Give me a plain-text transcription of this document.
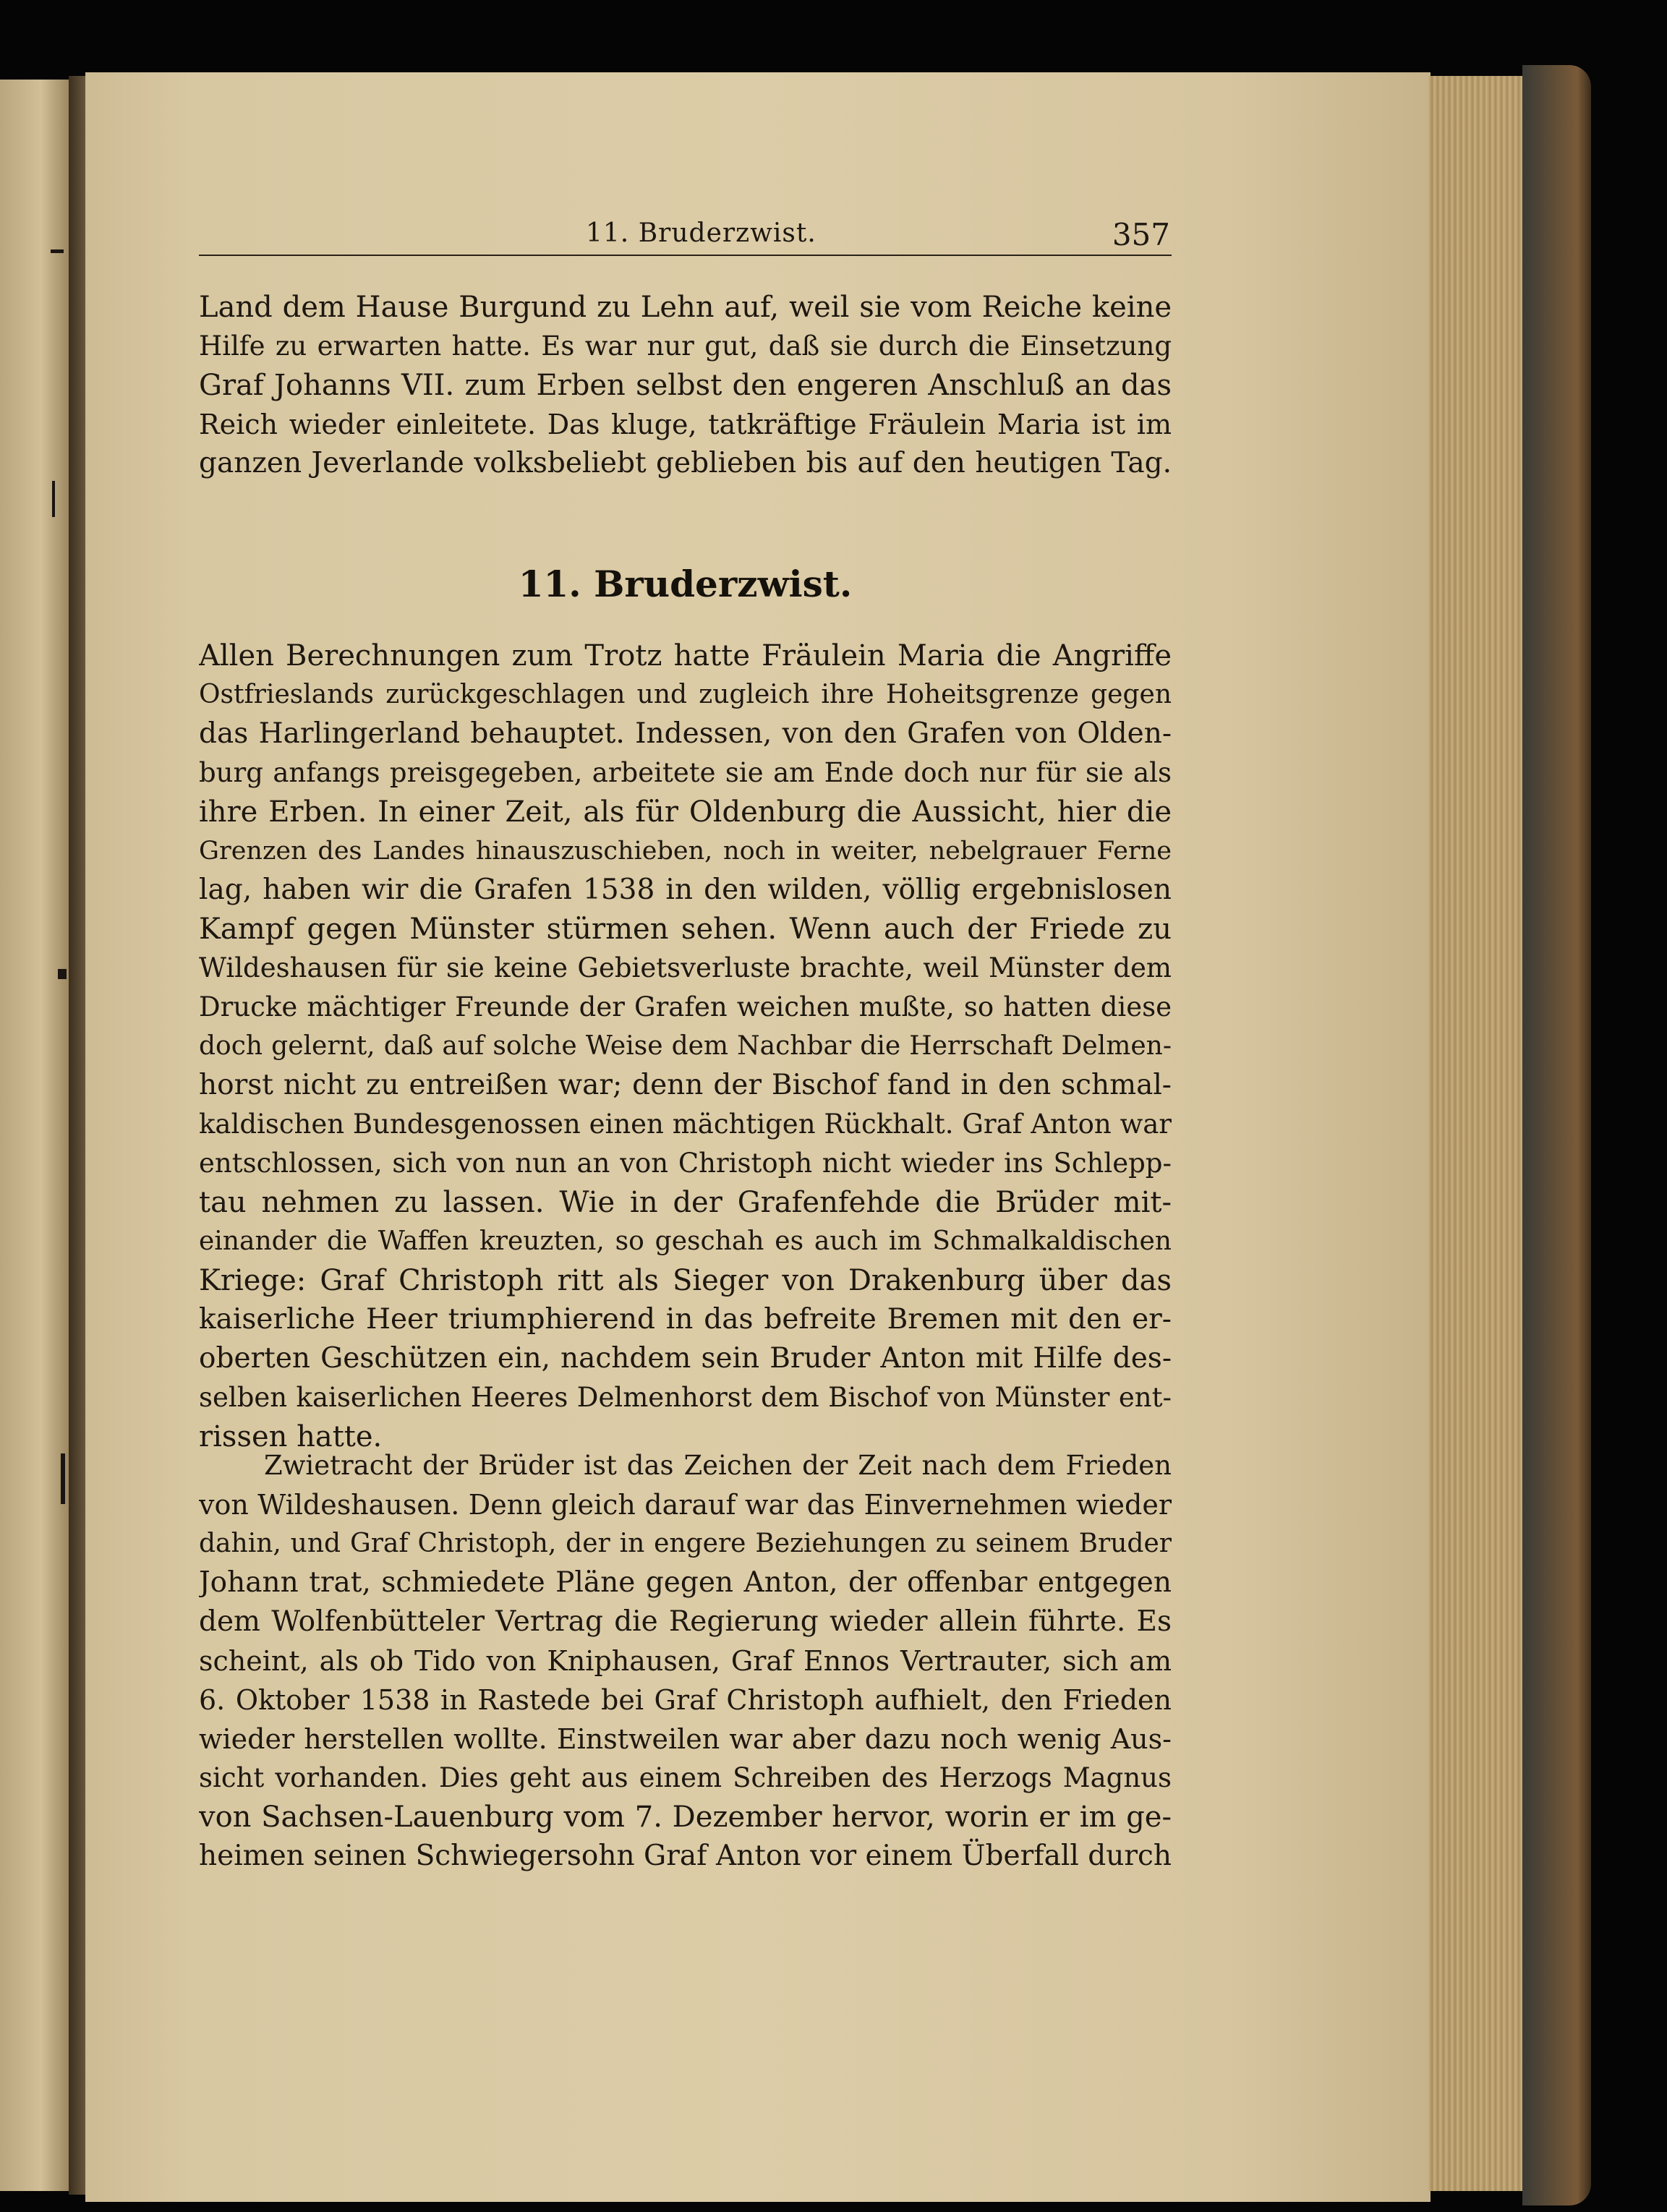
11. Bruderzwist.	357
Land dem Hause Burgund zu Lehn auf, weil sie vom Reiche keine
Hilfe zu erwarten hatte. Es war nur gut, daß sie durch die Einsetzung
Graf Johanns VII. zum Erben selbst den engeren Anschluß an das
Reich wieder einleitete. Das kluge, tatkräftige Fräulein Maria ist im
ganzen Jeverlande volksbeliebt geblieben bis auf den heutigen Tag.
11. Bruderzwist.
Allen Berechnungen zum Trotz hatte Fräulein Maria die Angriffe
Ostfrieslands zurückgeschlagen und zugleich ihre Hoheitsgrenze gegen
das Harlingerland behauptet. Indessen, von den Grafen von Olden-
burg anfangs preisgegeben, arbeitete sie am Ende doch nur für sie als
ihre Erben. In einer Zeit, als für Oldenburg die Aussicht, hier die
Grenzen des Landes hinauszuschieben, noch in weiter, nebelgrauer Ferne
lag, haben wir die Grafen 1538 in den wilden, völlig ergebnislosen
Kampf gegen Münster stürmen sehen. Wenn auch der Friede zu
Wildeshausen für sie keine Gebietsverluste brachte, weil Münster dem
Drucke mächtiger Freunde der Grafen weichen mußte, so hatten diese
doch gelernt, daß auf solche Weise dem Nachbar die Herrschaft Delmen-
horst nicht zu entreißen war; denn der Bischof fand in den schmal-
kaldischen Bundesgenossen einen mächtigen Rückhalt. Graf Anton war
entschlossen, sich von nun an von Christoph nicht wieder ins Schlepp-
tau nehmen zu lassen. Wie in der Grafenfehde die Brüder mit-
einander die Waffen kreuzten, so geschah es auch im Schmalkaldischen
Kriege: Graf Christoph ritt als Sieger von Drakenburg über das
kaiserliche Heer triumphierend in das befreite Bremen mit den er-
oberten Geschützen ein, nachdem sein Bruder Anton mit Hilfe des-
selben kaiserlichen Heeres Delmenhorst dem Bischof von Münster ent-
rissen hatte.
Zwietracht der Brüder ist das Zeichen der Zeit nach dem Frieden
von Wildeshausen. Denn gleich darauf war das Einvernehmen wieder
dahin, und Graf Christoph, der in engere Beziehungen zu seinem Bruder
Johann trat, schmiedete Pläne gegen Anton, der offenbar entgegen
dem Wolfenbütteler Vertrag die Regierung wieder allein führte. Es
scheint, als ob Tido von Kniphausen, Graf Ennos Vertrauter, sich am
6. Oktober 1538 in Rastede bei Graf Christoph aufhielt, den Frieden
wieder herstellen wollte. Einstweilen war aber dazu noch wenig Aus-
sicht vorhanden. Dies geht aus einem Schreiben des Herzogs Magnus
von Sachsen-Lauenburg vom 7. Dezember hervor, worin er im ge-
heimen seinen Schwiegersohn Graf Anton vor einem Überfall durch
